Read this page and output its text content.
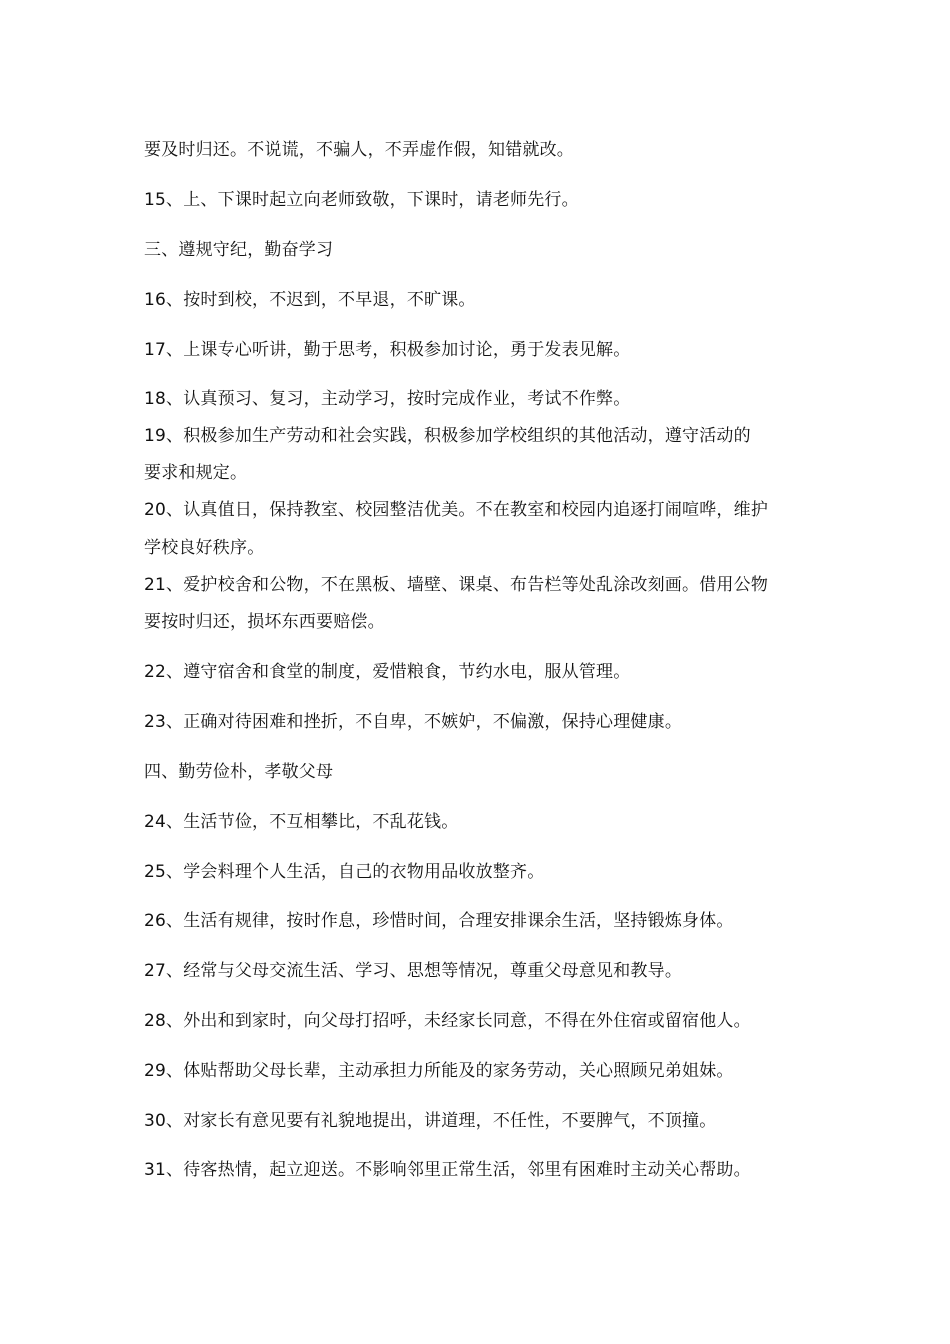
要及时归还。不说谎，不骗人，不弄虚作假，知错就改。
15、上、下课时起立向老师致敬，下课时，请老师先行。
三、遵规守纪，勤奋学习
16、按时到校，不迟到，不早退，不旷课。
17、上课专心听讲，勤于思考，积极参加讨论，勇于发表见解。
18、认真预习、复习，主动学习，按时完成作业，考试不作弊。
19、积极参加生产劳动和社会实践，积极参加学校组织的其他活动，遵守活动的
要求和规定。
20、认真值日，保持教室、校园整洁优美。不在教室和校园内追逐打闹喧哗，维护
学校良好秩序。
21、爱护校舍和公物，不在黑板、墙壁、课桌、布告栏等处乱涂改刻画。借用公物
要按时归还，损坏东西要赔偿。
22、遵守宿舍和食堂的制度，爱惜粮食，节约水电，服从管理。
23、正确对待困难和挫折，不自卑，不嫉妒，不偏激，保持心理健康。
四、勤劳俭朴，孝敬父母
24、生活节俭，不互相攀比，不乱花钱。
25、学会料理个人生活，自己的衣物用品收放整齐。
26、生活有规律，按时作息，珍惜时间，合理安排课余生活，坚持锻炼身体。
27、经常与父母交流生活、学习、思想等情况，尊重父母意见和教导。
28、外出和到家时，向父母打招呼，未经家长同意，不得在外住宿或留宿他人。
29、体贴帮助父母长辈，主动承担力所能及的家务劳动，关心照顾兄弟姐妹。
30、对家长有意见要有礼貌地提出，讲道理，不任性，不要脾气，不顶撞。
31、待客热情，起立迎送。不影响邻里正常生活，邻里有困难时主动关心帮助。
